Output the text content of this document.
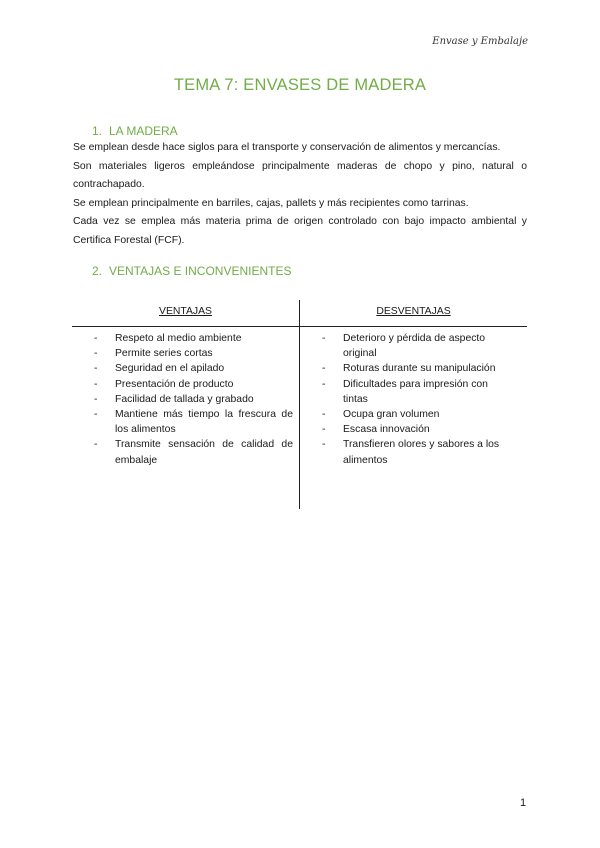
Envase y Embalaje
TEMA 7: ENVASES DE MADERA
1. LA MADERA

Se emplean desde hace siglos para el transporte y conservación de alimentos y mercancías.

Son materiales ligeros empleándose principalmente maderas de chopo y pino, natural o contrachapado.

Se emplean principalmente en barriles, cajas, pallets y más recipientes como tarrinas.

Cada vez se emplea más materia prima de origen controlado con bajo impacto ambiental y Certifica Forestal (FCF).

2. VENTAJAS E INCONVENIENTES
VENTAJAS	DESVENTAJAS
- Respeto al medio ambiente
- Permite series cortas
- Seguridad en el apilado
- Presentación de producto
- Facilidad de tallada y grabado
- Mantiene más tiempo la frescura de los alimentos
- Transmite sensación de calidad de embalaje
- Deterioro y pérdida de aspecto original
- Roturas durante su manipulación
- Dificultades para impresión con tintas
- Ocupa gran volumen
- Escasa innovación
- Transfieren olores y sabores a los alimentos
1
